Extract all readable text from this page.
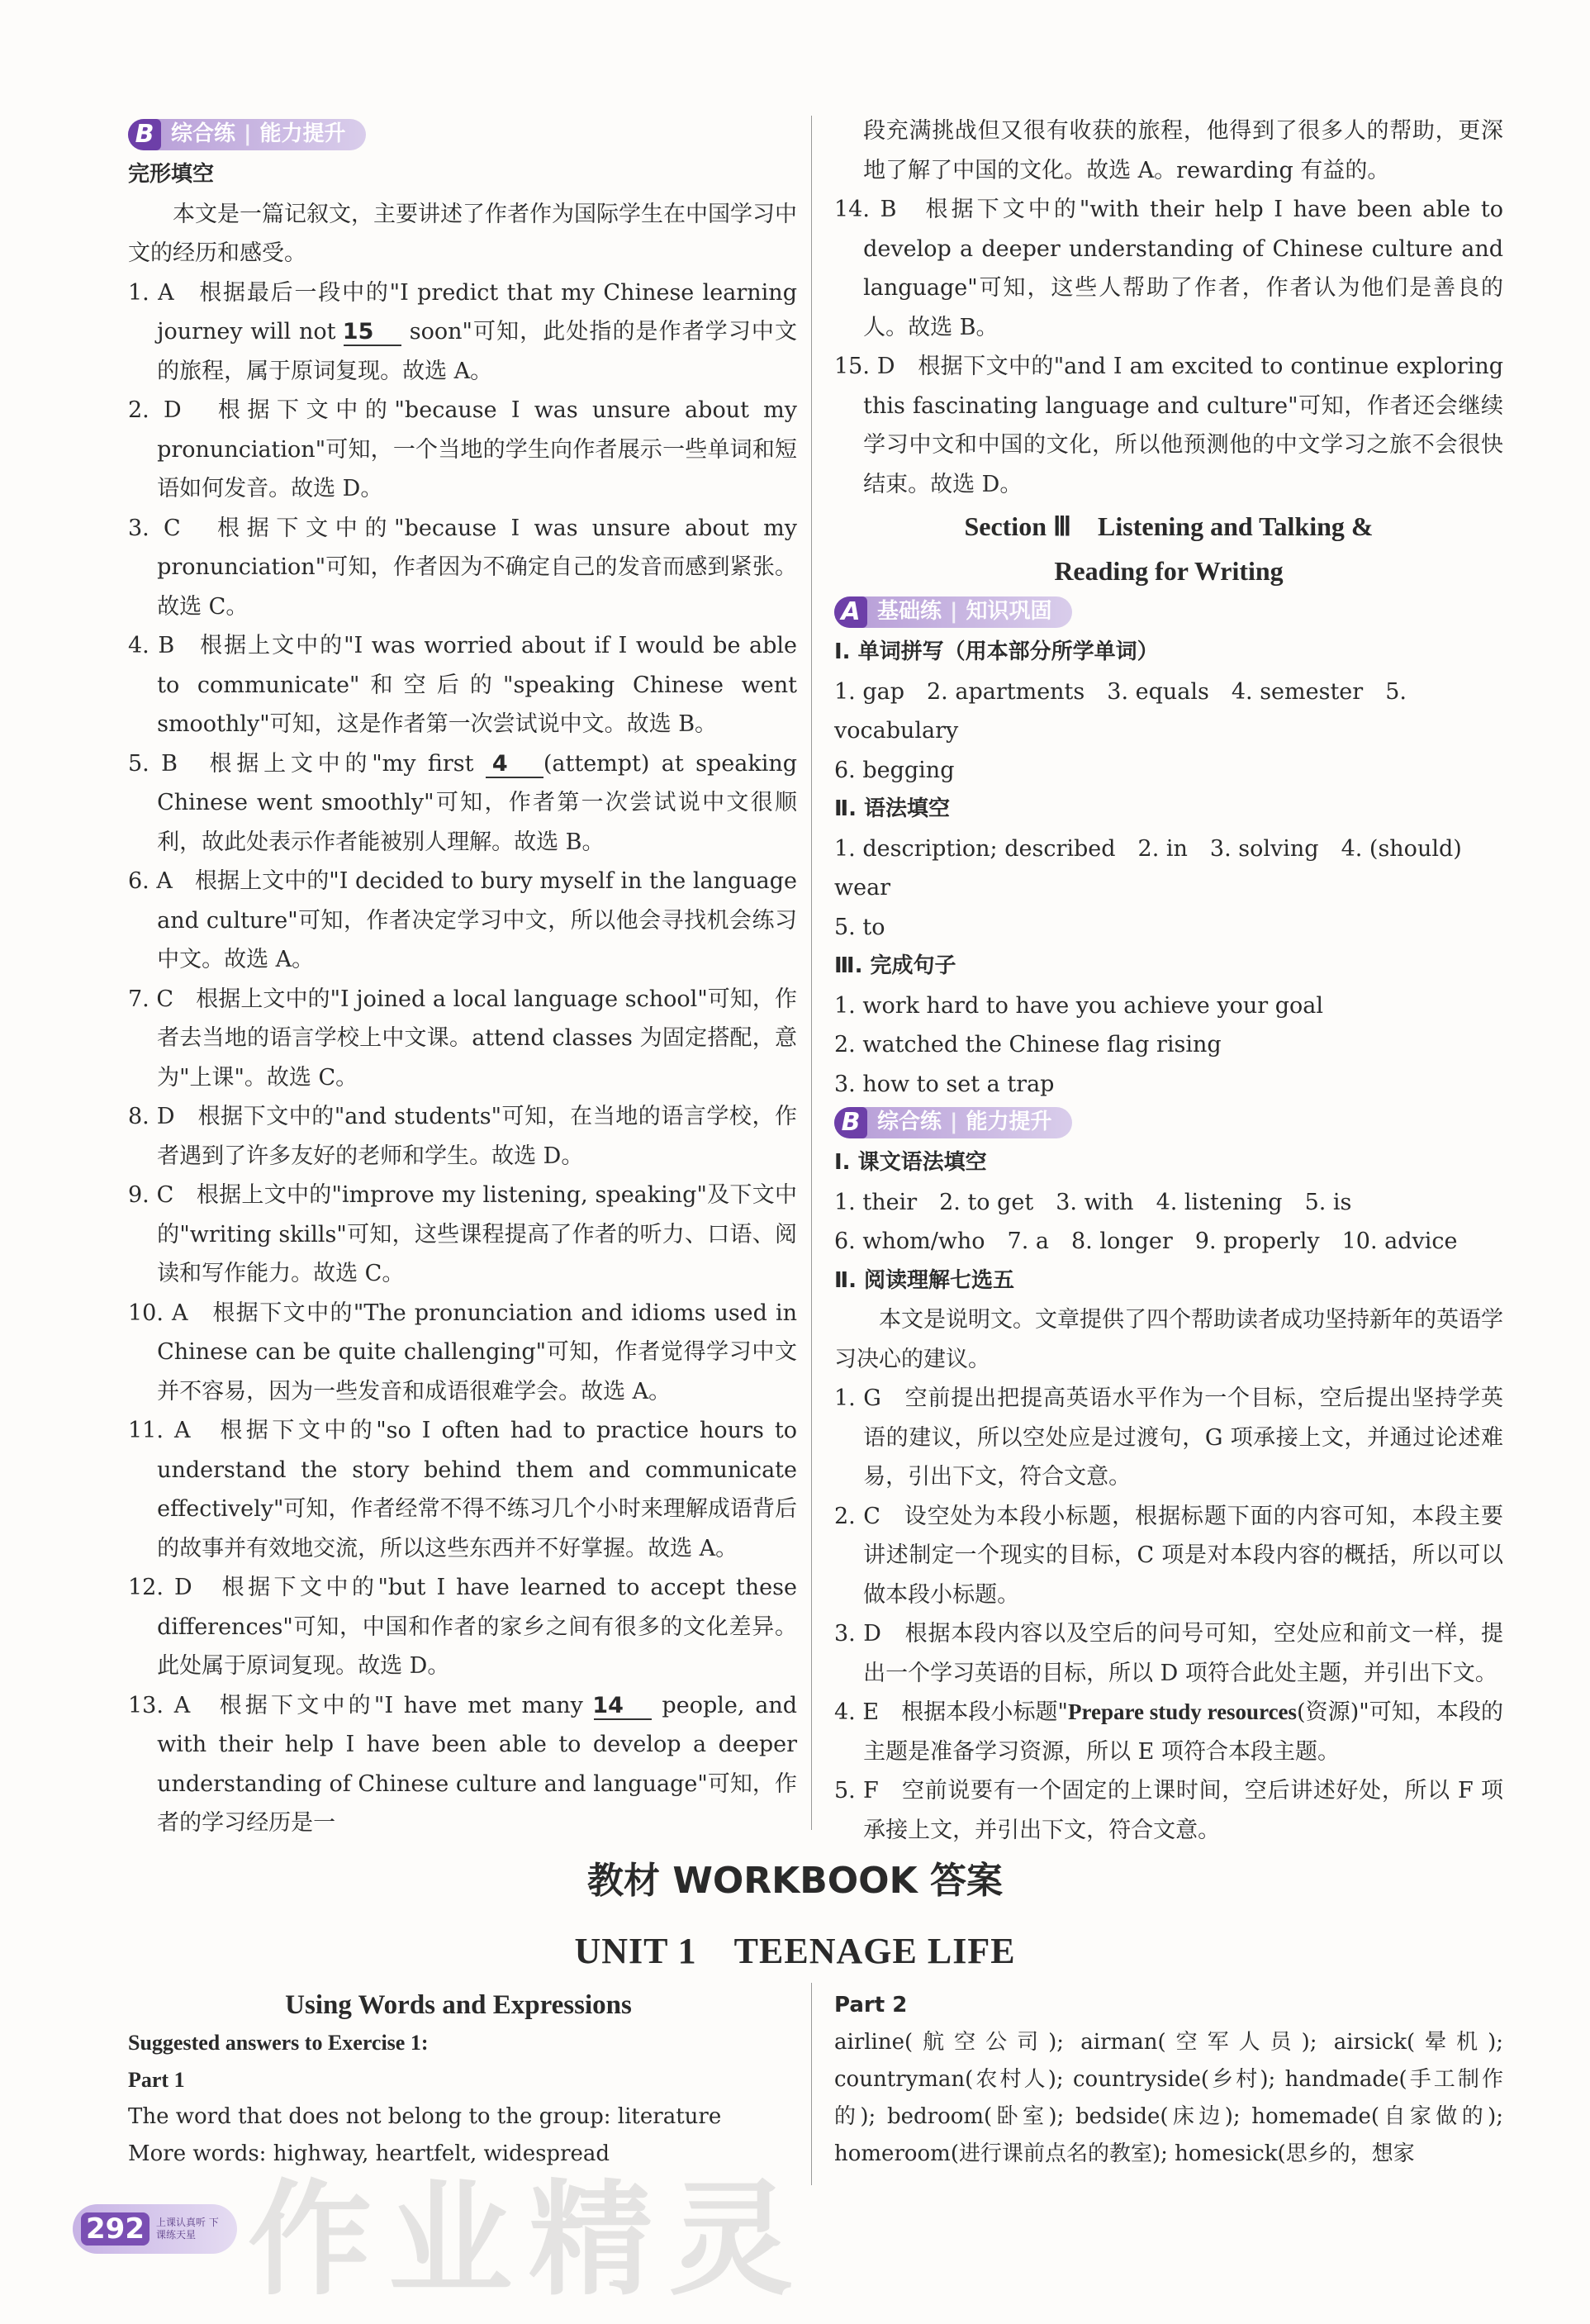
B 综合练 | 能力提升
完形填空
本文是一篇记叙文，主要讲述了作者作为国际学生在中国学习中文的经历和感受。
1. A　根据最后一段中的"I predict that my Chinese learning journey will not 15 soon"可知，此处指的是作者学习中文的旅程，属于原词复现。故选 A。
2. D　根据下文中的"because I was unsure about my pronunciation"可知，一个当地的学生向作者展示一些单词和短语如何发音。故选 D。
3. C　根据下文中的"because I was unsure about my pronunciation"可知，作者因为不确定自己的发音而感到紧张。故选 C。
4. B　根据上文中的"I was worried about if I would be able to communicate"和空后的"speaking Chinese went smoothly"可知，这是作者第一次尝试说中文。故选 B。
5. B　根据上文中的"my first 4 (attempt) at speaking Chinese went smoothly"可知，作者第一次尝试说中文很顺利，故此处表示作者能被别人理解。故选 B。
6. A　根据上文中的"I decided to bury myself in the language and culture"可知，作者决定学习中文，所以他会寻找机会练习中文。故选 A。
7. C　根据上文中的"I joined a local language school"可知，作者去当地的语言学校上中文课。attend classes 为固定搭配，意为"上课"。故选 C。
8. D　根据下文中的"and students"可知，在当地的语言学校，作者遇到了许多友好的老师和学生。故选 D。
9. C　根据上文中的"improve my listening, speaking"及下文中的"writing skills"可知，这些课程提高了作者的听力、口语、阅读和写作能力。故选 C。
10. A　根据下文中的"The pronunciation and idioms used in Chinese can be quite challenging"可知，作者觉得学习中文并不容易，因为一些发音和成语很难学会。故选 A。
11. A　根据下文中的"so I often had to practice hours to understand the story behind them and communicate effectively"可知，作者经常不得不练习几个小时来理解成语背后的故事并有效地交流，所以这些东西并不好掌握。故选 A。
12. D　根据下文中的"but I have learned to accept these differences"可知，中国和作者的家乡之间有很多的文化差异。此处属于原词复现。故选 D。
13. A　根据下文中的"I have met many 14 people, and with their help I have been able to develop a deeper understanding of Chinese culture and language"可知，作者的学习经历是一
段充满挑战但又很有收获的旅程，他得到了很多人的帮助，更深地了解了中国的文化。故选 A。rewarding 有益的。
14. B　根据下文中的"with their help I have been able to develop a deeper understanding of Chinese culture and language"可知，这些人帮助了作者，作者认为他们是善良的人。故选 B。
15. D　根据下文中的"and I am excited to continue exploring this fascinating language and culture"可知，作者还会继续学习中文和中国的文化，所以他预测他的中文学习之旅不会很快结束。故选 D。
Section Ⅲ　Listening and Talking &
Reading for Writing
A 基础练 | 知识巩固
Ⅰ. 单词拼写（用本部分所学单词）
1. gap　2. apartments　3. equals　4. semester　5. vocabulary
6. begging
Ⅱ. 语法填空
1. description; described　2. in　3. solving　4. (should) wear
5. to
Ⅲ. 完成句子
1. work hard to have you achieve your goal
2. watched the Chinese flag rising
3. how to set a trap
B 综合练 | 能力提升
Ⅰ. 课文语法填空
1. their　2. to get　3. with　4. listening　5. is
6. whom/who　7. a　8. longer　9. properly　10. advice
Ⅱ. 阅读理解七选五
本文是说明文。文章提供了四个帮助读者成功坚持新年的英语学习决心的建议。
1. G　空前提出把提高英语水平作为一个目标，空后提出坚持学英语的建议，所以空处应是过渡句，G 项承接上文，并通过论述难易，引出下文，符合文意。
2. C　设空处为本段小标题，根据标题下面的内容可知，本段主要讲述制定一个现实的目标，C 项是对本段内容的概括，所以可以做本段小标题。
3. D　根据本段内容以及空后的问号可知，空处应和前文一样，提出一个学习英语的目标，所以 D 项符合此处主题，并引出下文。
4. E　根据本段小标题"Prepare study resources(资源)"可知，本段的主题是准备学习资源，所以 E 项符合本段主题。
5. F　空前说要有一个固定的上课时间，空后讲述好处，所以 F 项承接上文，并引出下文，符合文意。
教材 WORKBOOK 答案
UNIT 1　TEENAGE LIFE
Using Words and Expressions
Suggested answers to Exercise 1:
Part 1
The word that does not belong to the group: literature
More words: highway, heartfelt, widespread
Part 2
airline(航空公司); airman(空军人员); airsick(晕机); countryman(农村人); countryside(乡村); handmade(手工制作的); bedroom(卧室); bedside(床边); homemade(自家做的); homeroom(进行课前点名的教室); homesick(思乡的，想家
292	上课认真听 下课练天星 作业精灵
